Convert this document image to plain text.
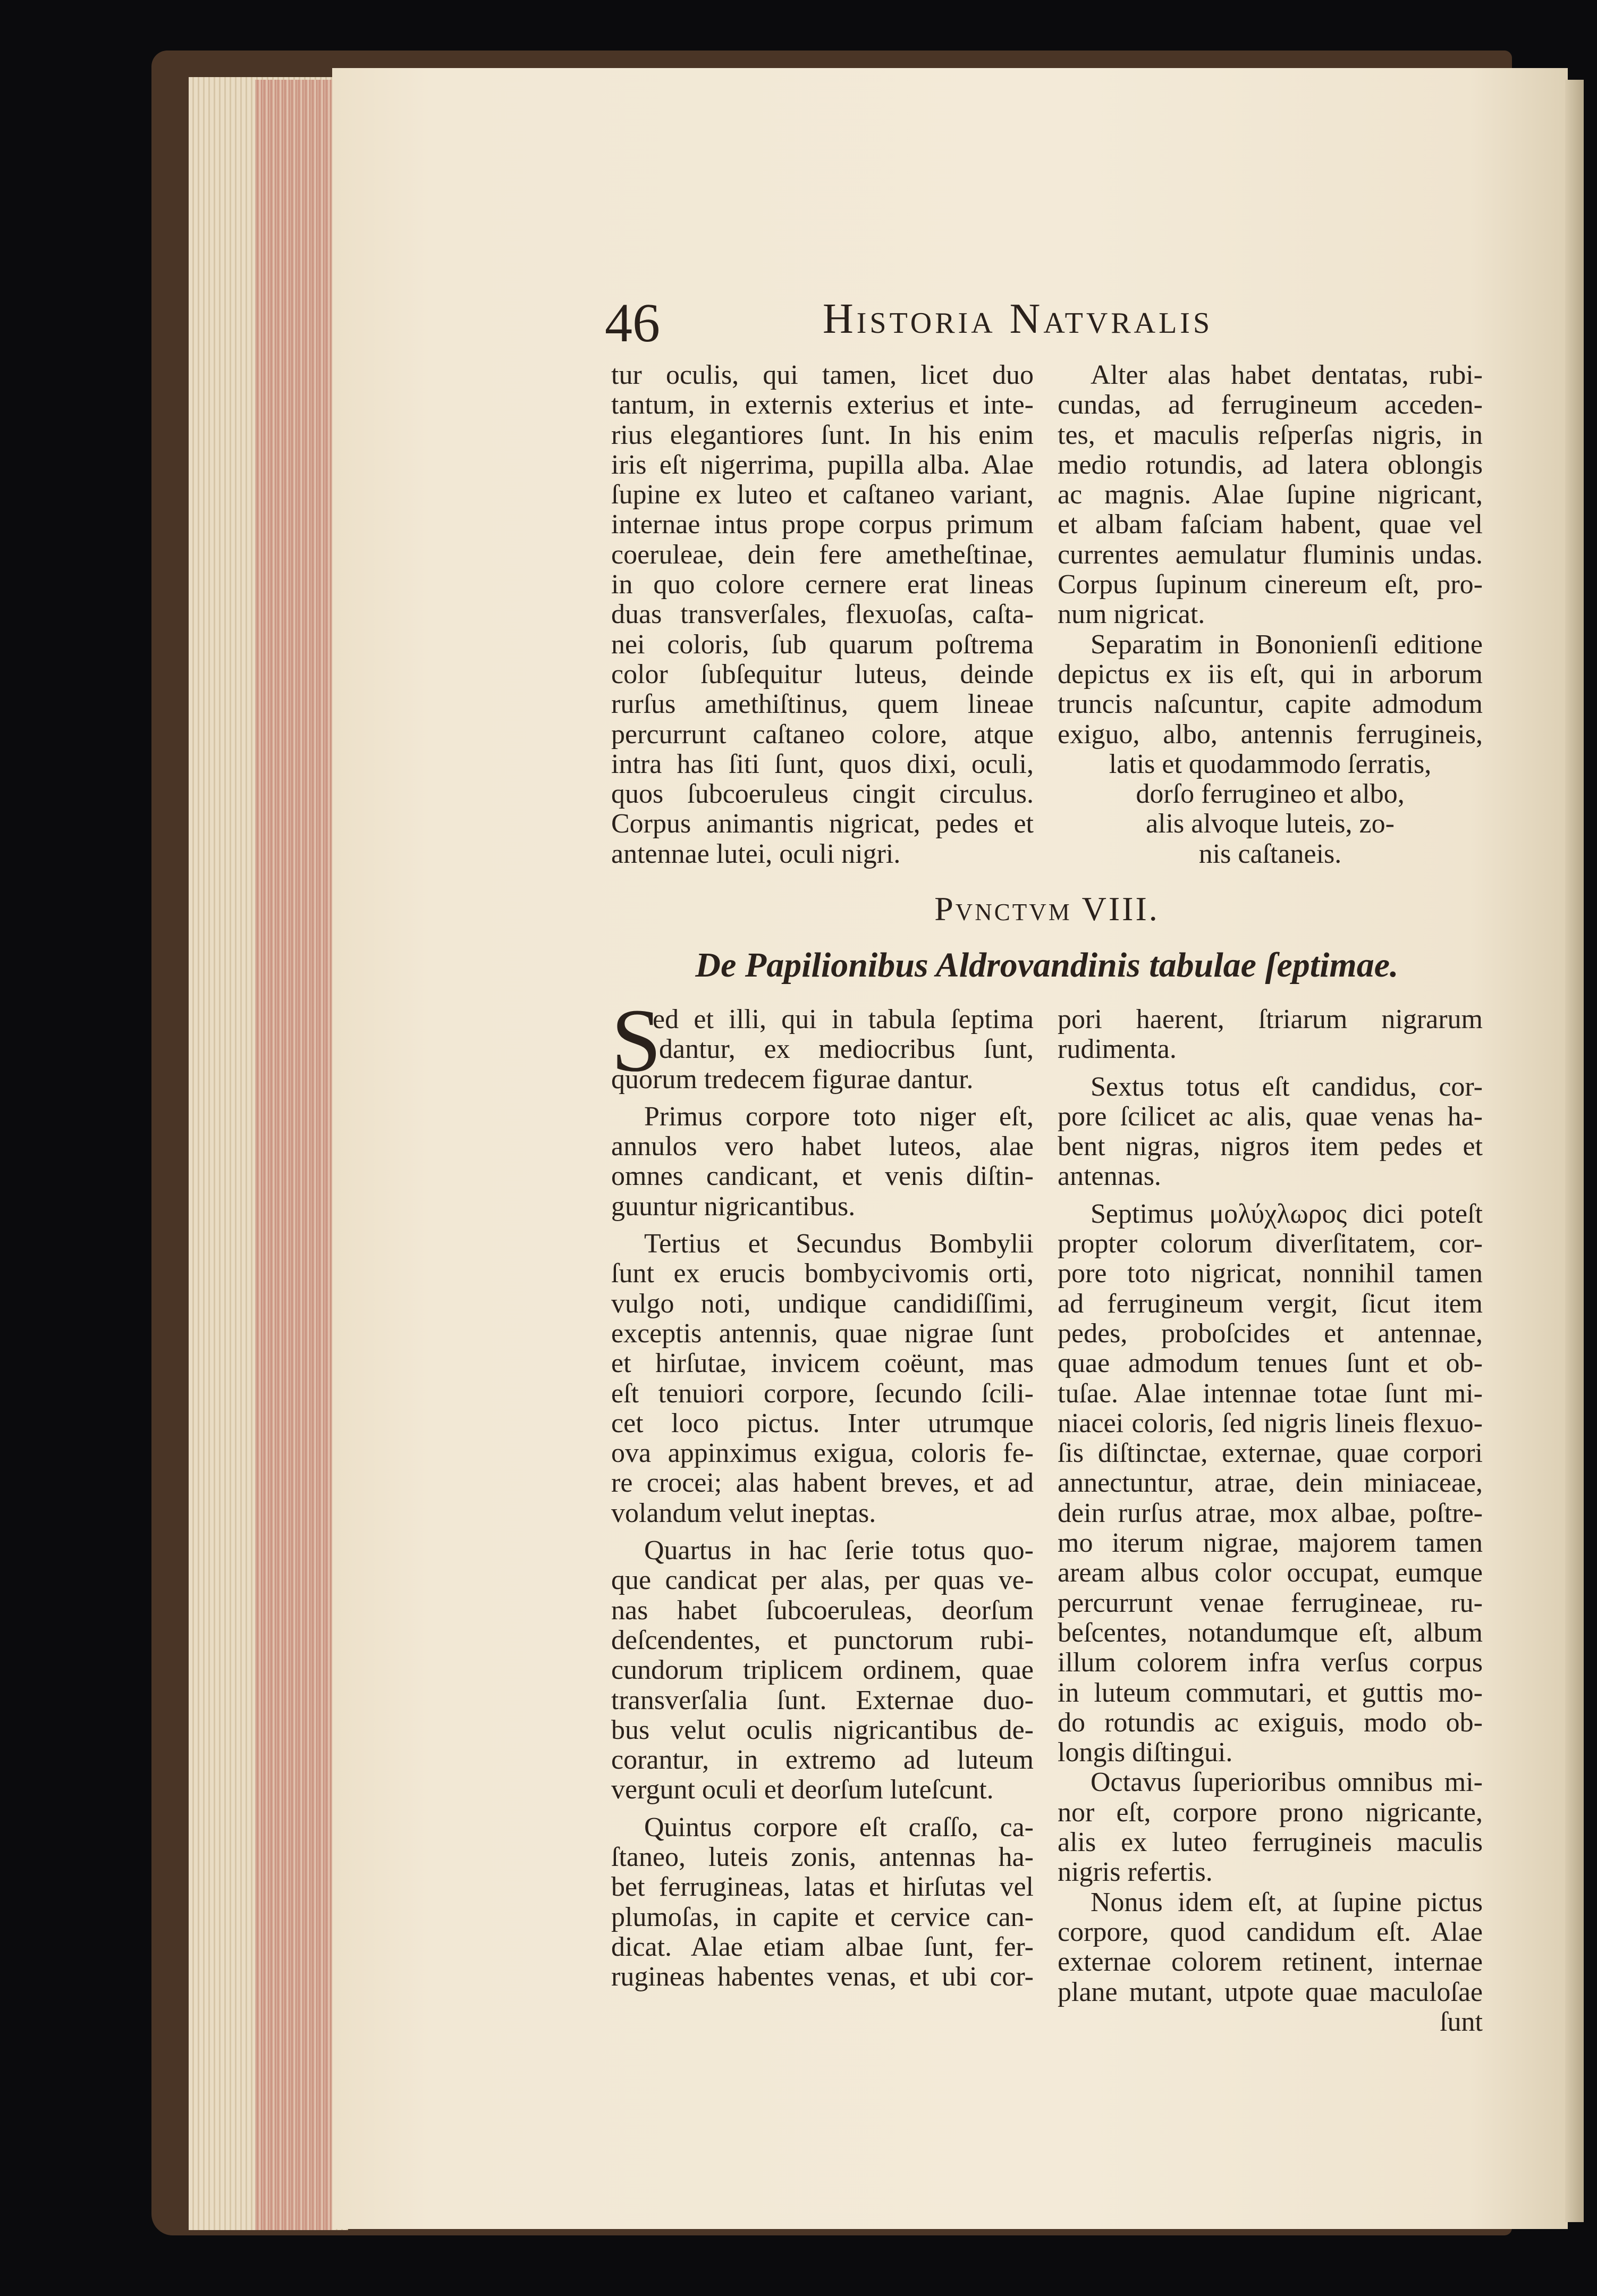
46	Historia Natvralis
tur oculis, qui tamen, licet duo
tantum, in externis exterius et inte-
rius elegantiores ſunt. In his enim
iris eſt nigerrima, pupilla alba. Alae
ſupine ex luteo et caſtaneo variant,
internae intus prope corpus primum
coeruleae, dein fere ametheſtinae,
in quo colore cernere erat lineas
duas transverſales, flexuoſas, caſta-
nei coloris, ſub quarum poſtrema
color ſubſequitur luteus, deinde
rurſus amethiſtinus, quem lineae
percurrunt caſtaneo colore, atque
intra has ſiti ſunt, quos dixi, oculi,
quos ſubcoeruleus cingit circulus.
Corpus animantis nigricat, pedes et
antennae lutei, oculi nigri.
Alter alas habet dentatas, rubi-
cundas, ad ferrugineum acceden-
tes, et maculis reſperſas nigris, in
medio rotundis, ad latera oblongis
ac magnis. Alae ſupine nigricant,
et albam faſciam habent, quae vel
currentes aemulatur fluminis undas.
Corpus ſupinum cinereum eſt, pro-
num nigricat.
Separatim in Bononienſi editione
depictus ex iis eſt, qui in arborum
truncis naſcuntur, capite admodum
exiguo, albo, antennis ferrugineis,
latis et quodammodo ſerratis,
dorſo ferrugineo et albo,
alis alvoque luteis, zo-
nis caſtaneis.
Pvnctvm VIII.
De Papilionibus Aldrovandinis tabulae ſeptimae.
S
ed et illi, qui in tabula ſeptima
dantur, ex mediocribus ſunt,
quorum tredecem figurae dantur.
Primus corpore toto niger eſt,
annulos vero habet luteos, alae
omnes candicant, et venis diſtin-
guuntur nigricantibus.
Tertius et Secundus Bombylii
ſunt ex erucis bombycivomis orti,
vulgo noti, undique candidiſſimi,
exceptis antennis, quae nigrae ſunt
et hirſutae, invicem coëunt, mas
eſt tenuiori corpore, ſecundo ſcili-
cet loco pictus. Inter utrumque
ova appinximus exigua, coloris fe-
re crocei; alas habent breves, et ad
volandum velut ineptas.
Quartus in hac ſerie totus quo-
que candicat per alas, per quas ve-
nas habet ſubcoeruleas, deorſum
deſcendentes, et punctorum rubi-
cundorum triplicem ordinem, quae
transverſalia ſunt. Externae duo-
bus velut oculis nigricantibus de-
corantur, in extremo ad luteum
vergunt oculi et deorſum luteſcunt.
Quintus corpore eſt craſſo, ca-
ſtaneo, luteis zonis, antennas ha-
bet ferrugineas, latas et hirſutas vel
plumoſas, in capite et cervice can-
dicat. Alae etiam albae ſunt, fer-
rugineas habentes venas, et ubi cor-
pori haerent, ſtriarum nigrarum
rudimenta.
Sextus totus eſt candidus, cor-
pore ſcilicet ac alis, quae venas ha-
bent nigras, nigros item pedes et
antennas.
Septimus μολύχλωρος dici poteſt
propter colorum diverſitatem, cor-
pore toto nigricat, nonnihil tamen
ad ferrugineum vergit, ſicut item
pedes, proboſcides et antennae,
quae admodum tenues ſunt et ob-
tuſae. Alae intennae totae ſunt mi-
niacei coloris, ſed nigris lineis flexuo-
ſis diſtinctae, externae, quae corpori
annectuntur, atrae, dein miniaceae,
dein rurſus atrae, mox albae, poſtre-
mo iterum nigrae, majorem tamen
aream albus color occupat, eumque
percurrunt venae ferrugineae, ru-
beſcentes, notandumque eſt, album
illum colorem infra verſus corpus
in luteum commutari, et guttis mo-
do rotundis ac exiguis, modo ob-
longis diſtingui.
Octavus ſuperioribus omnibus mi-
nor eſt, corpore prono nigricante,
alis ex luteo ferrugineis maculis
nigris refertis.
Nonus idem eſt, at ſupine pictus
corpore, quod candidum eſt. Alae
externae colorem retinent, internae
plane mutant, utpote quae maculoſae
ſunt
